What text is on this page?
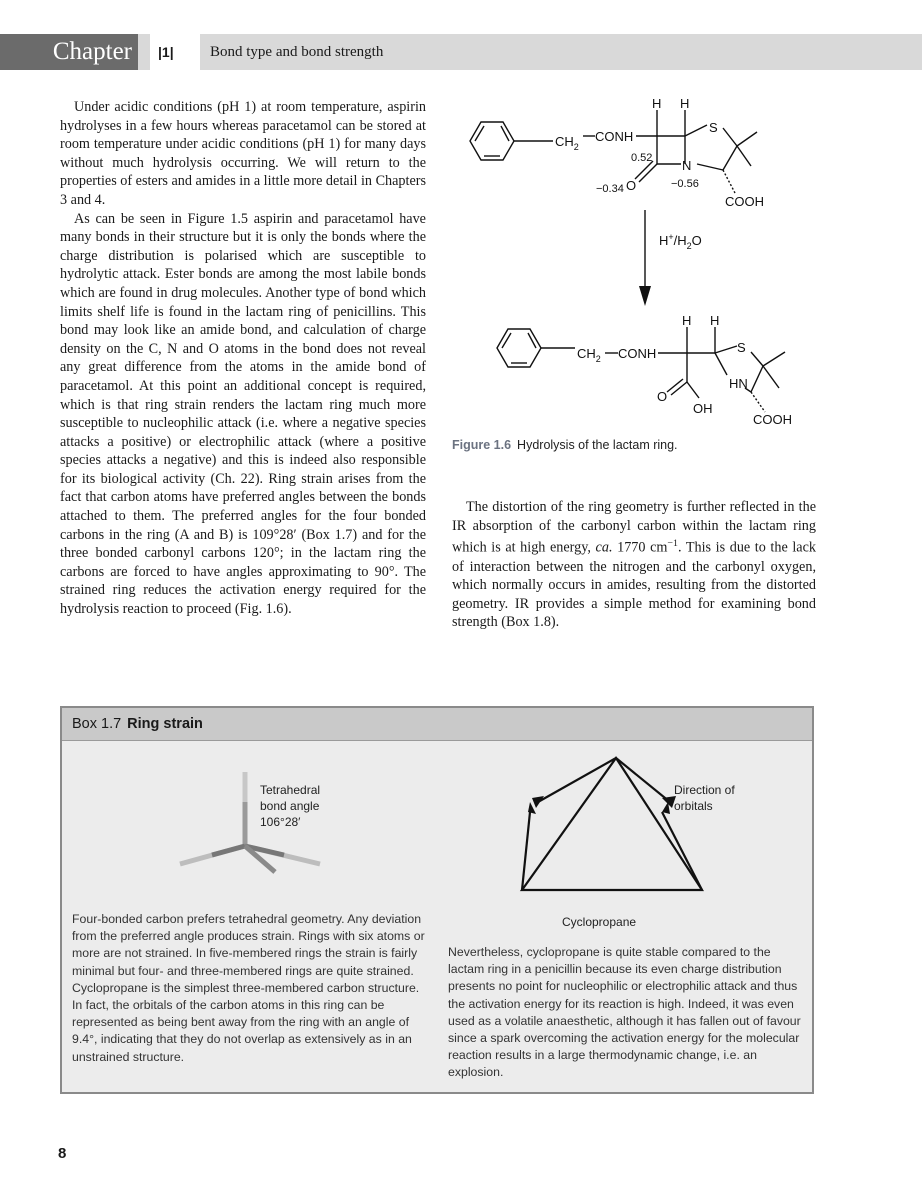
Chapter	|1|	Bond type and bond strength

Under acidic conditions (pH 1) at room temperature, aspirin hydrolyses in a few hours whereas paracetamol can be stored at room temperature under acidic conditions (pH 1) for many days without much hydrolysis occurring. We will return to the properties of esters and amides in a little more detail in Chapters 3 and 4.

As can be seen in Figure 1.5 aspirin and paracetamol have many bonds in their structure but it is only the bonds where the charge distribution is polarised which are susceptible to hydrolytic attack. Ester bonds are among the most labile bonds which are found in drug molecules. Another type of bond which limits shelf life is found in the lactam ring of penicillins. This bond may look like an amide bond, and calculation of charge density on the C, N and O atoms in the bond does not reveal any great difference from the atoms in the amide bond of paracetamol. At this point an additional concept is required, which is that ring strain renders the lactam ring much more susceptible to nucleophilic attack (i.e. where a negative species attacks a positive) or electrophilic attack (where a positive species attacks a negative) and this is indeed also responsible for its biological activity (Ch. 22). Ring strain arises from the fact that carbon atoms have preferred angles between the bonds attached to them. The preferred angles for the four bonded carbons in the ring (A and B) is 109°28′ (Box 1.7) and for the three bonded carbonyl carbons 120°; in the lactam ring the carbons are forced to have angles approximating to 90°. The strained ring reduces the activation energy required for the hydrolysis reaction to proceed (Fig. 1.6).

$CH_2$
CONH
H H
S
N
O
COOH
0.52
−0.34	−0.56
$H^+/H_2O$
$CH_2$ CONH
H H
S
HN
O
OH
COOH
Figure 1.6 Hydrolysis of the lactam ring.

The distortion of the ring geometry is further reflected in the IR absorption of the carbonyl carbon within the lactam ring which is at high energy, ca. 1770 $cm^{-1}$. This is due to the lack of interaction between the nitrogen and the carbonyl oxygen, which normally occurs in amides, resulting from the distorted geometry. IR provides a simple method for examining bond strength (Box 1.8).

Box 1.7 Ring strain
Tetrahedral
bond angle
106°28′
Direction of
orbitals
Cyclopropane
Four-bonded carbon prefers tetrahedral geometry. Any deviation from the preferred angle produces strain. Rings with six atoms or more are not strained. In five-membered rings the strain is fairly minimal but four- and three-membered rings are quite strained. Cyclopropane is the simplest three-membered carbon structure. In fact, the orbitals of the carbon atoms in this ring can be represented as being bent away from the ring with an angle of 9.4°, indicating that they do not overlap as extensively as in an unstrained structure.
Nevertheless, cyclopropane is quite stable compared to the lactam ring in a penicillin because its even charge distribution presents no point for nucleophilic or electrophilic attack and thus the activation energy for its reaction is high. Indeed, it was even used as a volatile anaesthetic, although it has fallen out of favour since a spark overcoming the activation energy for the molecular reaction results in a large thermodynamic change, i.e. an explosion.
8
